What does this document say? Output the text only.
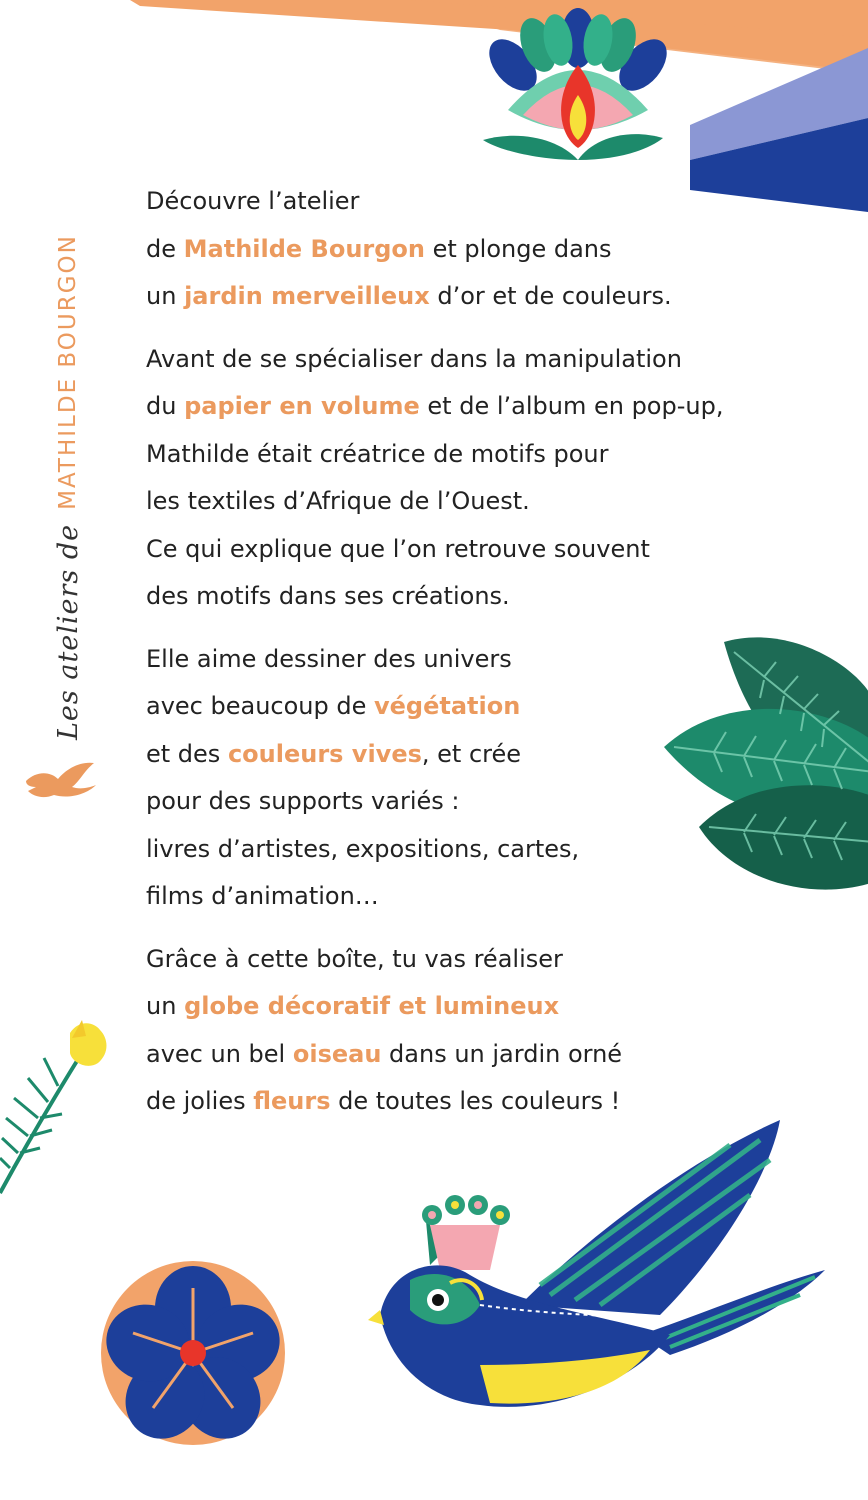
Les ateliers de
MATHILDE BOURGON

Découvre l’atelier
de Mathilde Bourgon et plonge dans
un jardin merveilleux d’or et de couleurs.

Avant de se spécialiser dans la manipulation
du papier en volume et de l’album en pop-up,
Mathilde était créatrice de motifs pour
les textiles d’Afrique de l’Ouest.
Ce qui explique que l’on retrouve souvent
des motifs dans ses créations.

Elle aime dessiner des univers
avec beaucoup de végétation
et des couleurs vives, et crée
pour des supports variés :
livres d’artistes, expositions, cartes,
films d’animation…

Grâce à cette boîte, tu vas réaliser
un globe décoratif et lumineux
avec un bel oiseau dans un jardin orné
de jolies fleurs de toutes les couleurs !
